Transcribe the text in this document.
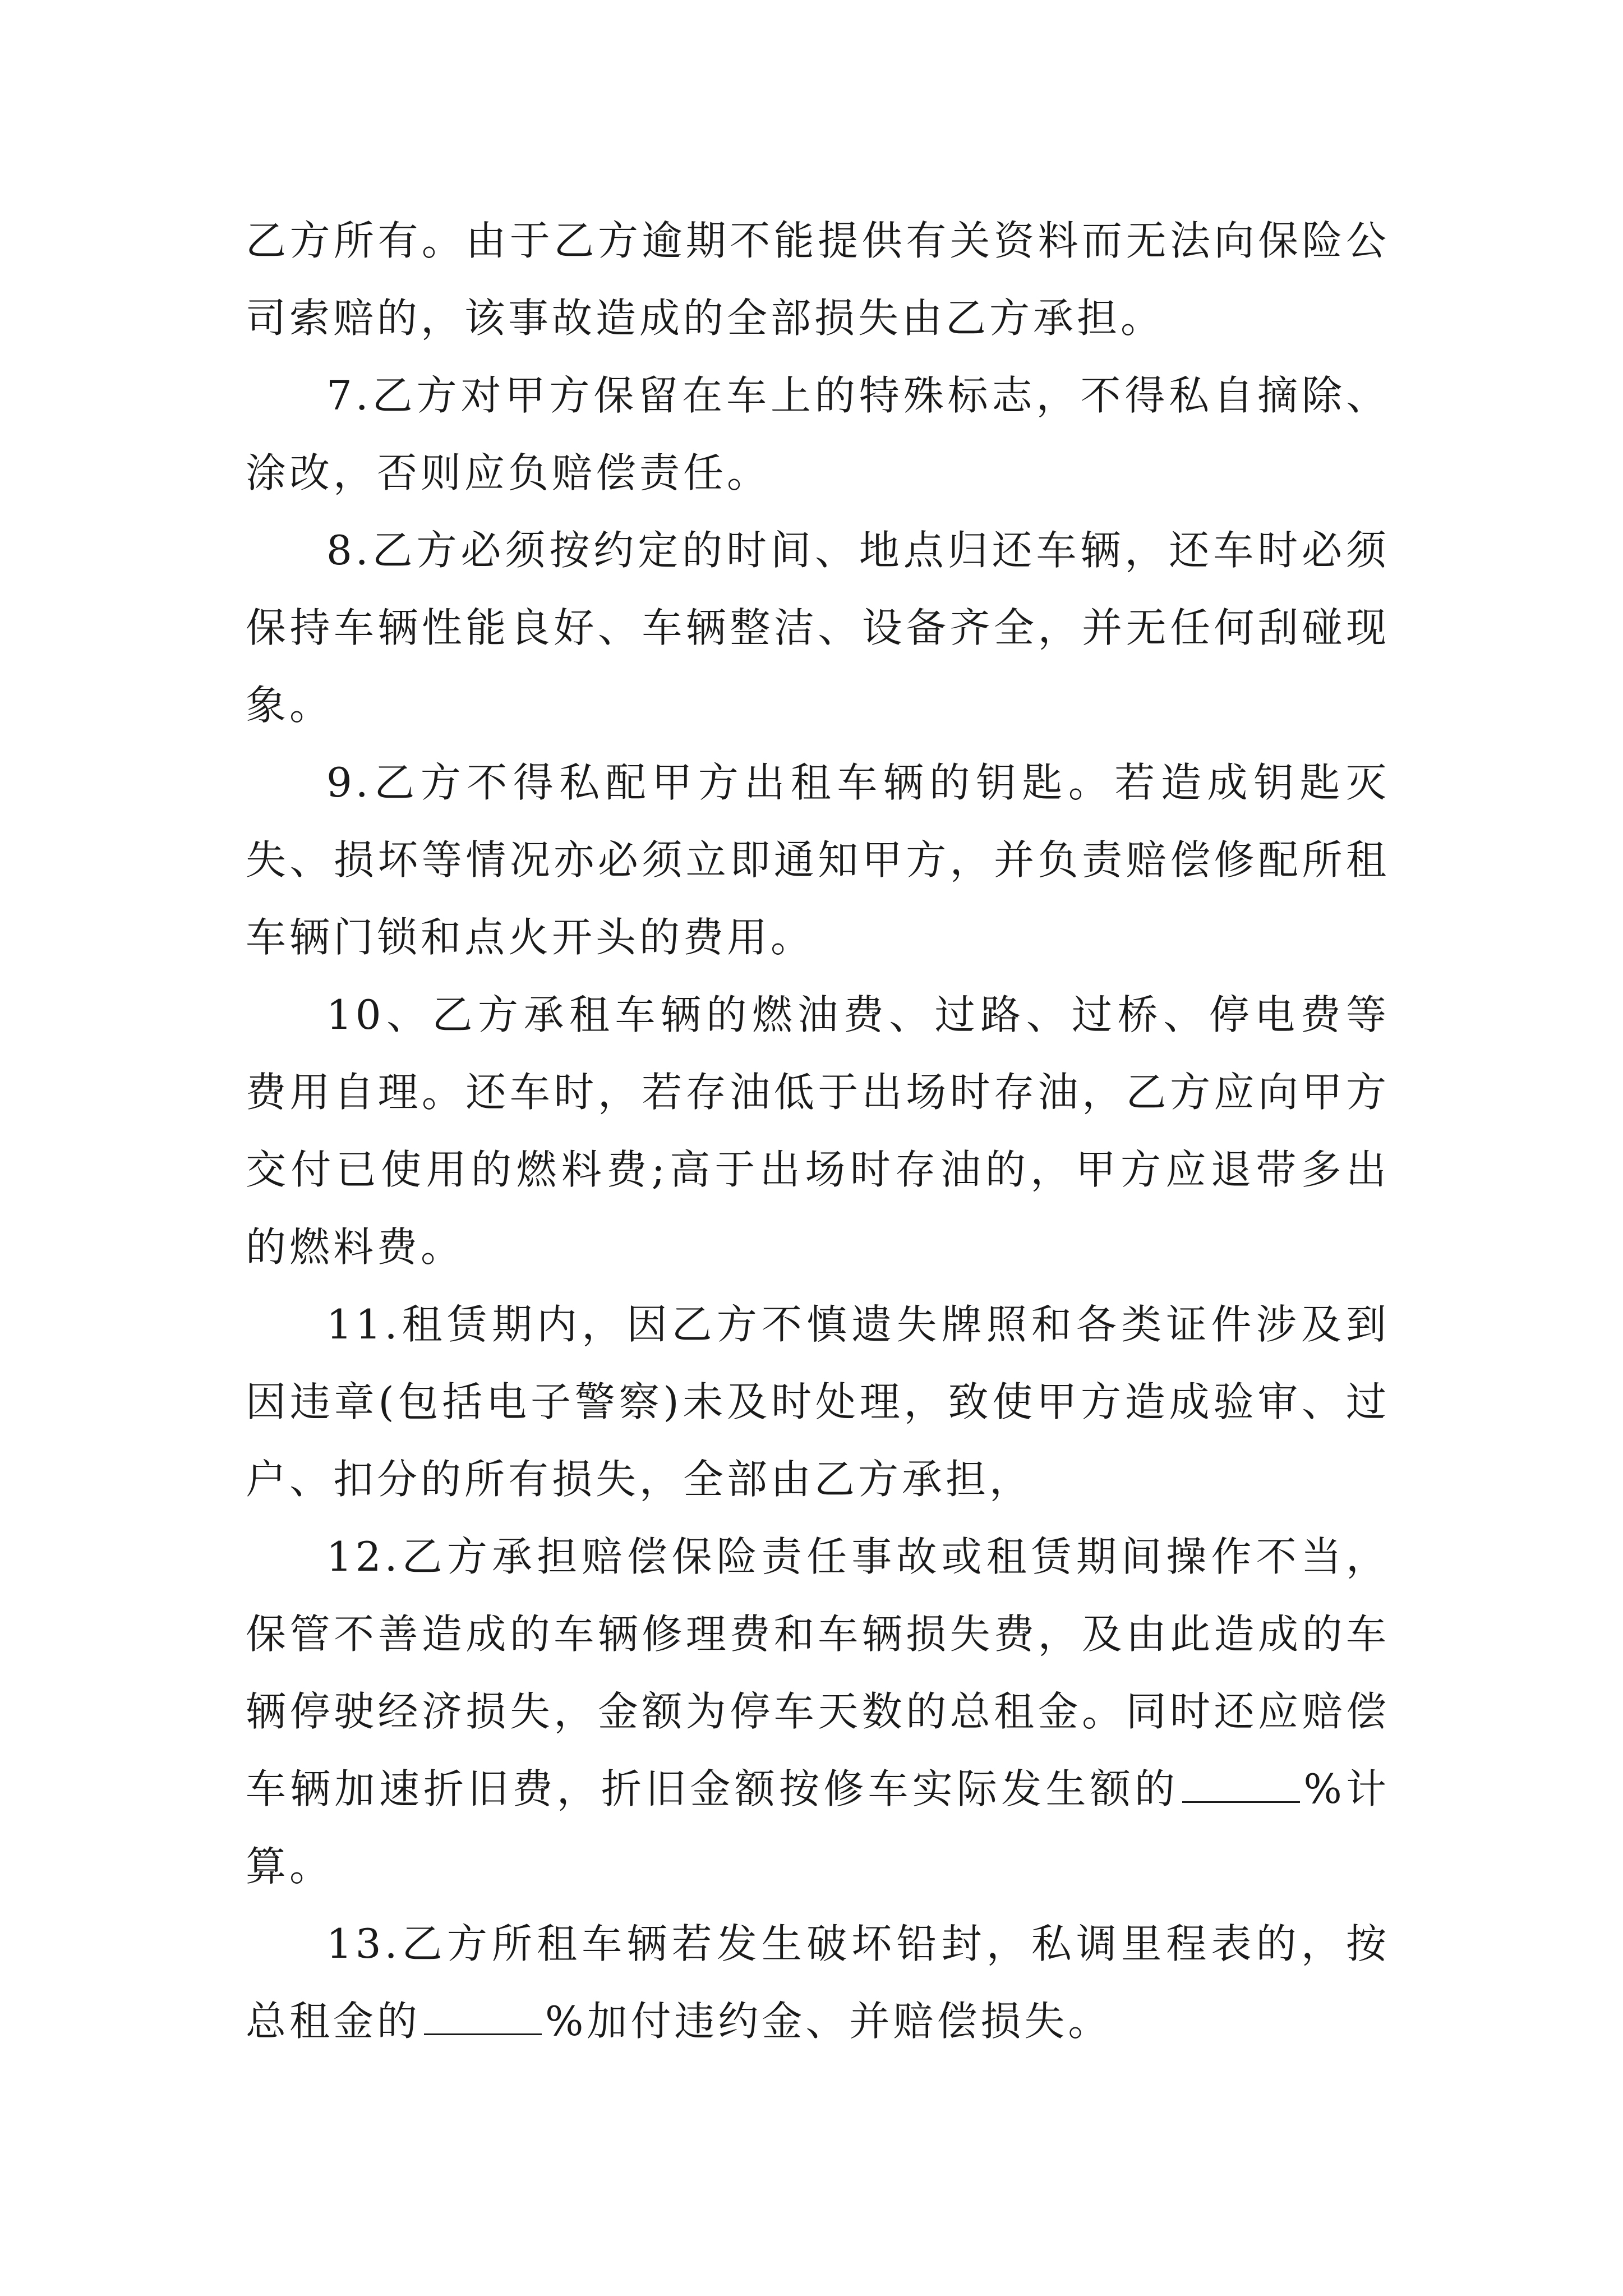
乙方所有。由于乙方逾期不能提供有关资料而无法向保险公司索赔的，该事故造成的全部损失由乙方承担。

7.乙方对甲方保留在车上的特殊标志，不得私自摘除、涂改，否则应负赔偿责任。

8.乙方必须按约定的时间、地点归还车辆，还车时必须保持车辆性能良好、车辆整洁、设备齐全，并无任何刮碰现象。

9.乙方不得私配甲方出租车辆的钥匙。若造成钥匙灭失、损坏等情况亦必须立即通知甲方，并负责赔偿修配所租车辆门锁和点火开头的费用。

10、乙方承租车辆的燃油费、过路、过桥、停电费等费用自理。还车时，若存油低于出场时存油，乙方应向甲方交付已使用的燃料费;高于出场时存油的，甲方应退带多出的燃料费。

11.租赁期内，因乙方不慎遗失牌照和各类证件涉及到因违章(包括电子警察)未及时处理，致使甲方造成验审、过户、扣分的所有损失，全部由乙方承担，

12.乙方承担赔偿保险责任事故或租赁期间操作不当，保管不善造成的车辆修理费和车辆损失费，及由此造成的车辆停驶经济损失，金额为停车天数的总租金。同时还应赔偿车辆加速折旧费，折旧金额按修车实际发生额的	%计算。

13.乙方所租车辆若发生破坏铅封，私调里程表的，按总租金的	%加付违约金、并赔偿损失。
